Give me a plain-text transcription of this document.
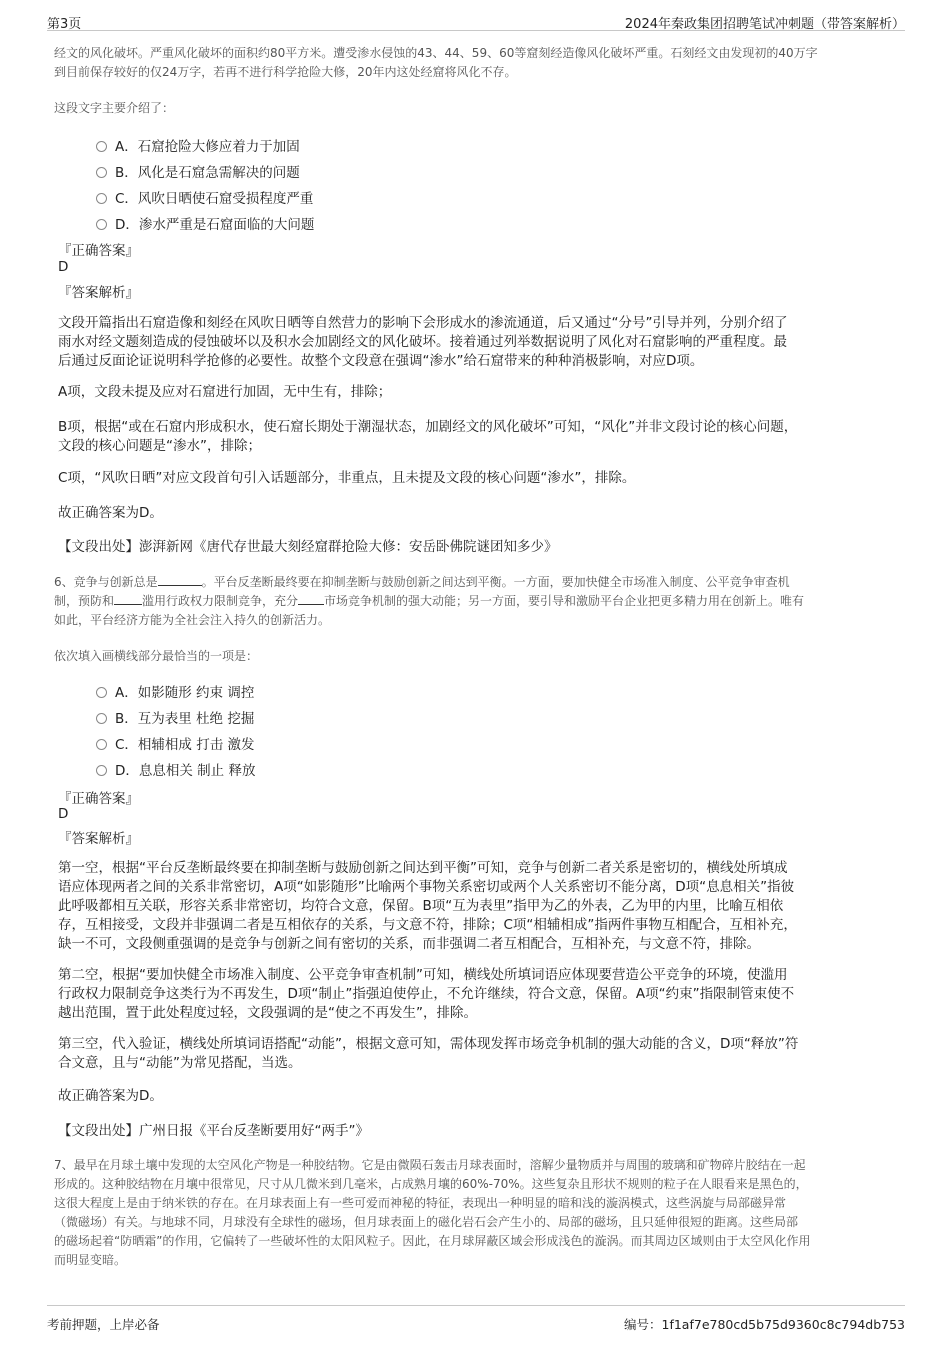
第3页	2024年秦政集团招聘笔试冲刺题（带答案解析）
经文的风化破坏。严重风化破坏的面积约80平方米。遭受渗水侵蚀的43、44、59、60等窟刻经造像风化破坏严重。石刻经文由发现初的40万字
到目前保存较好的仅24万字，若再不进行科学抢险大修，20年内这处经窟将风化不存。
这段文字主要介绍了：
A．石窟抢险大修应着力于加固
B．风化是石窟急需解决的问题
C．风吹日晒使石窟受损程度严重
D．渗水严重是石窟面临的大问题
『正确答案』
D
『答案解析』
文段开篇指出石窟造像和刻经在风吹日晒等自然营力的影响下会形成水的渗流通道，后又通过“分号”引导并列，分别介绍了
雨水对经文题刻造成的侵蚀破坏以及积水会加剧经文的风化破坏。接着通过列举数据说明了风化对石窟影响的严重程度。最
后通过反面论证说明科学抢修的必要性。故整个文段意在强调“渗水”给石窟带来的种种消极影响，对应D项。
A项，文段未提及应对石窟进行加固，无中生有，排除；
B项，根据“或在石窟内形成积水，使石窟长期处于潮湿状态，加剧经文的风化破坏”可知，“风化”并非文段讨论的核心问题，
文段的核心问题是“渗水”，排除；
C项，“风吹日晒”对应文段首句引入话题部分，非重点，且未提及文段的核心问题“渗水”，排除。
故正确答案为D。
【文段出处】澎湃新网《唐代存世最大刻经窟群抢险大修：安岳卧佛院谜团知多少》
6、竞争与创新总是	。平台反垄断最终要在抑制垄断与鼓励创新之间达到平衡。一方面，要加快健全市场准入制度、公平竞争审查机
制，预防和 滥用行政权力限制竞争，充分 市场竞争机制的强大动能；另一方面，要引导和激励平台企业把更多精力用在创新上。唯有
如此，平台经济方能为全社会注入持久的创新活力。
依次填入画横线部分最恰当的一项是：
A．如影随形 约束 调控
B．互为表里 杜绝 挖掘
C．相辅相成 打击 激发
D．息息相关 制止 释放
『正确答案』
D
『答案解析』
第一空，根据“平台反垄断最终要在抑制垄断与鼓励创新之间达到平衡”可知，竞争与创新二者关系是密切的，横线处所填成
语应体现两者之间的关系非常密切，A项“如影随形”比喻两个事物关系密切或两个人关系密切不能分离，D项“息息相关”指彼
此呼吸都相互关联，形容关系非常密切，均符合文意，保留。B项“互为表里”指甲为乙的外表，乙为甲的内里，比喻互相依
存，互相接受，文段并非强调二者是互相依存的关系，与文意不符，排除；C项“相辅相成”指两件事物互相配合，互相补充，
缺一不可，文段侧重强调的是竞争与创新之间有密切的关系，而非强调二者互相配合，互相补充，与文意不符，排除。
第二空，根据“要加快健全市场准入制度、公平竞争审查机制”可知，横线处所填词语应体现要营造公平竞争的环境，使滥用
行政权力限制竞争这类行为不再发生，D项“制止”指强迫使停止，不允许继续，符合文意，保留。A项“约束”指限制管束使不
越出范围，置于此处程度过轻，文段强调的是“使之不再发生”，排除。
第三空，代入验证，横线处所填词语搭配“动能”，根据文意可知，需体现发挥市场竞争机制的强大动能的含义，D项“释放”符
合文意，且与“动能”为常见搭配，当选。
故正确答案为D。
【文段出处】广州日报《平台反垄断要用好“两手”》
7、最早在月球土壤中发现的太空风化产物是一种胶结物。它是由微陨石轰击月球表面时，溶解少量物质并与周围的玻璃和矿物碎片胶结在一起
形成的。这种胶结物在月壤中很常见，尺寸从几微米到几毫米，占成熟月壤的60%-70%。这些复杂且形状不规则的粒子在人眼看来是黑色的，
这很大程度上是由于纳米铁的存在。在月球表面上有一些可爱而神秘的特征，表现出一种明显的暗和浅的漩涡模式，这些涡旋与局部磁异常
（微磁场）有关。与地球不同，月球没有全球性的磁场，但月球表面上的磁化岩石会产生小的、局部的磁场，且只延伸很短的距离。这些局部
的磁场起着“防晒霜”的作用，它偏转了一些破坏性的太阳风粒子。因此，在月球屏蔽区域会形成浅色的漩涡。而其周边区域则由于太空风化作用
而明显变暗。
考前押题，上岸必备	编号：1f1af7e780cd5b75d9360c8c794db753
